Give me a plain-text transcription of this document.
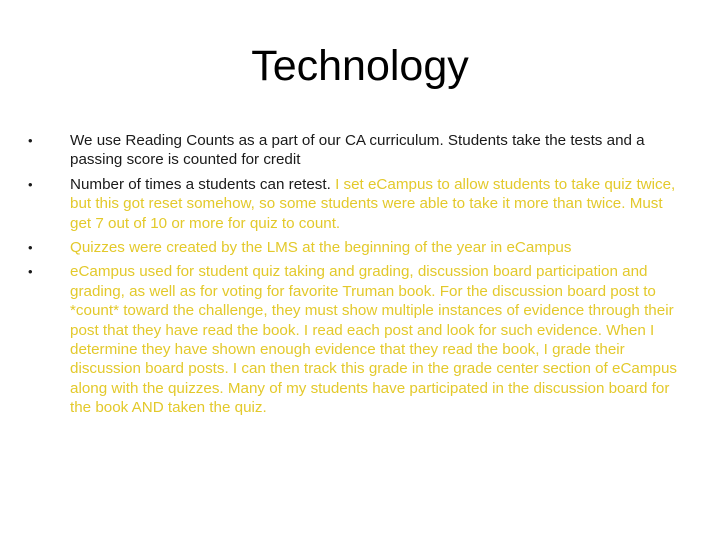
Technology
• We use Reading Counts as a part of our CA curriculum. Students take the tests and a passing score is counted for credit
• Number of times a students can retest. I set eCampus to allow students to take quiz twice, but this got reset somehow, so some students were able to take it more than twice. Must get 7 out of 10 or more for quiz to count.
• Quizzes were created by the LMS at the beginning of the year in eCampus
• eCampus used for student quiz taking and grading, discussion board participation and grading, as well as for voting for favorite Truman book. For the discussion board post to *count* toward the challenge, they must show multiple instances of evidence through their post that they have read the book. I read each post and look for such evidence. When I determine they have shown enough evidence that they read the book, I grade their discussion board posts. I can then track this grade in the grade center section of eCampus along with the quizzes. Many of my students have participated in the discussion board for the book AND taken the quiz.
